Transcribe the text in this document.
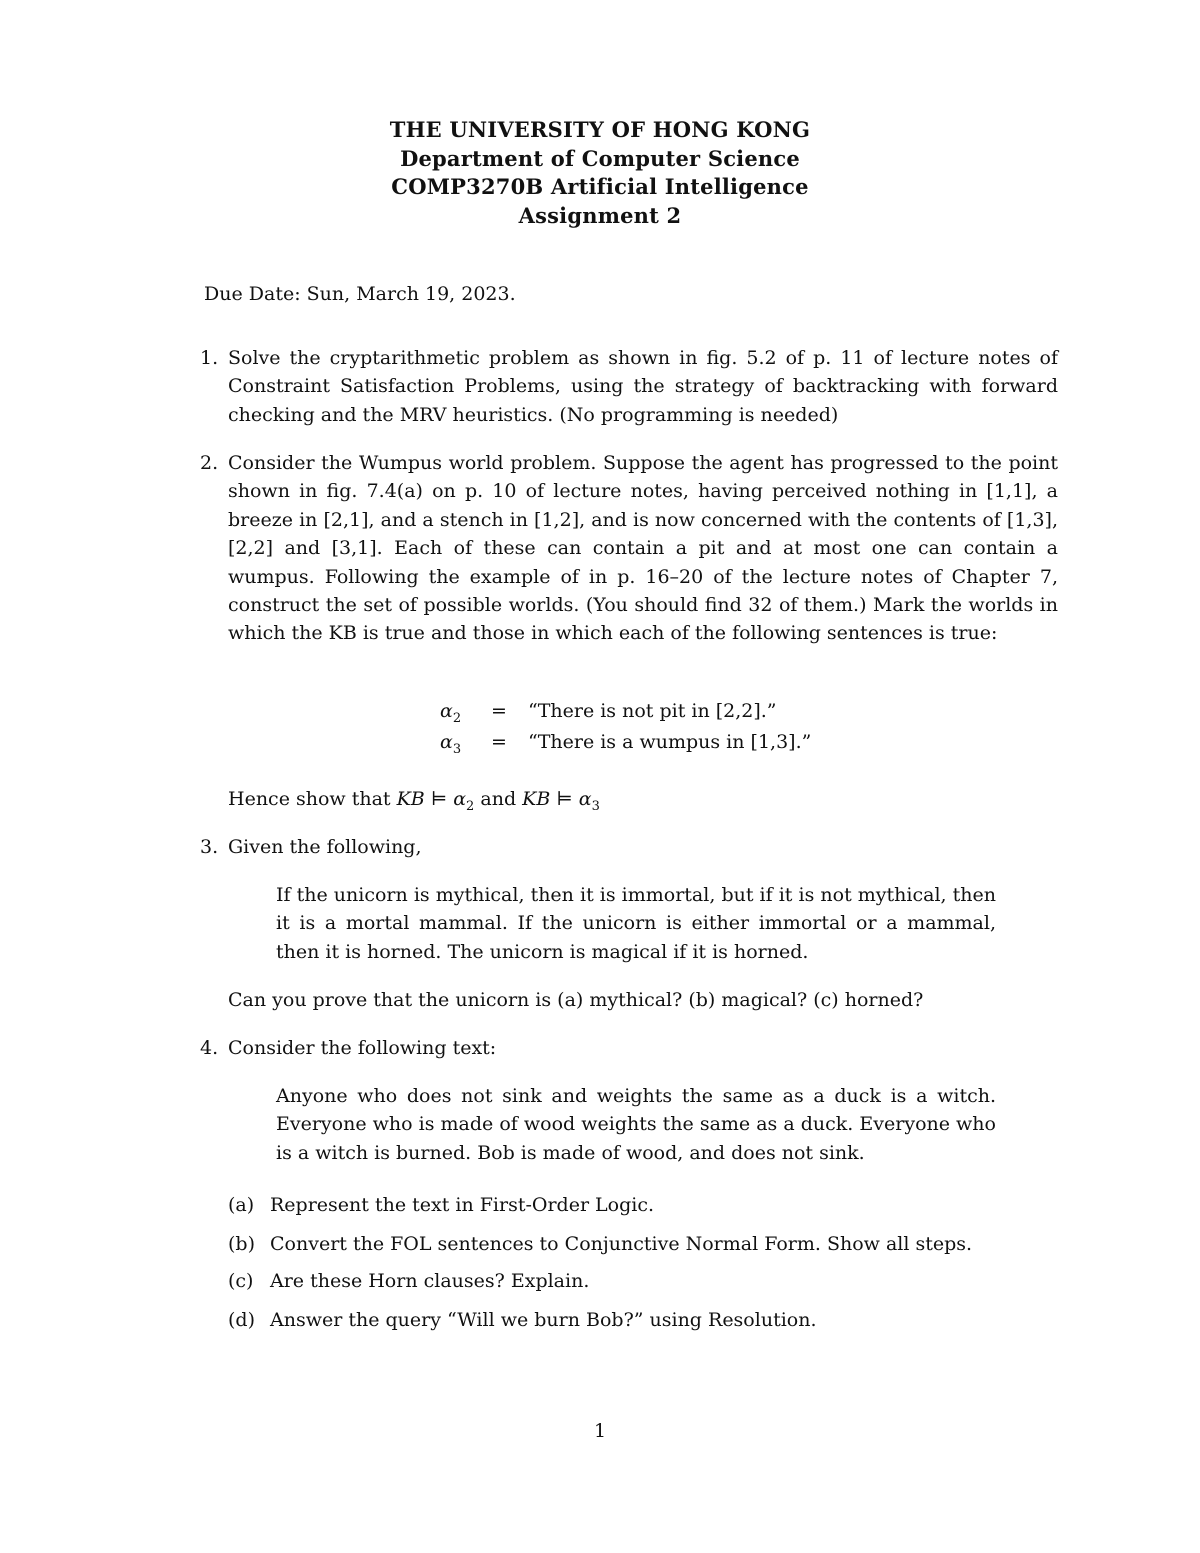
THE UNIVERSITY OF HONG KONG
Department of Computer Science
COMP3270B Artificial Intelligence
Assignment 2
Due Date: Sun, March 19, 2023.
1. Solve the cryptarithmetic problem as shown in fig. 5.2 of p. 11 of lecture notes of Constraint Satisfaction Problems, using the strategy of backtracking with forward checking and the MRV heuristics. (No programming is needed)
2. Consider the Wumpus world problem. Suppose the agent has progressed to the point shown in fig. 7.4(a) on p. 10 of lecture notes, having perceived nothing in [1,1], a breeze in [2,1], and a stench in [1,2], and is now concerned with the contents of [1,3], [2,2] and [3,1]. Each of these can contain a pit and at most one can contain a wumpus. Following the example of in p. 16–20 of the lecture notes of Chapter 7, construct the set of possible worlds. (You should find 32 of them.) Mark the worlds in which the KB is true and those in which each of the following sentences is true:
$\alpha_2$ = “There is not pit in [2,2].”
$\alpha_3$ = “There is a wumpus in [1,3].”
Hence show that KB ⊨ $\alpha_2$ and KB ⊨ $\alpha_3$
3. Given the following,
If the unicorn is mythical, then it is immortal, but if it is not mythical, then it is a mortal mammal. If the unicorn is either immortal or a mammal, then it is horned. The unicorn is magical if it is horned.
Can you prove that the unicorn is (a) mythical? (b) magical? (c) horned?
4. Consider the following text:
Anyone who does not sink and weights the same as a duck is a witch. Everyone who is made of wood weights the same as a duck. Everyone who is a witch is burned. Bob is made of wood, and does not sink.
(a) Represent the text in First-Order Logic.
(b) Convert the FOL sentences to Conjunctive Normal Form. Show all steps.
(c) Are these Horn clauses? Explain.
(d) Answer the query “Will we burn Bob?” using Resolution.
1
